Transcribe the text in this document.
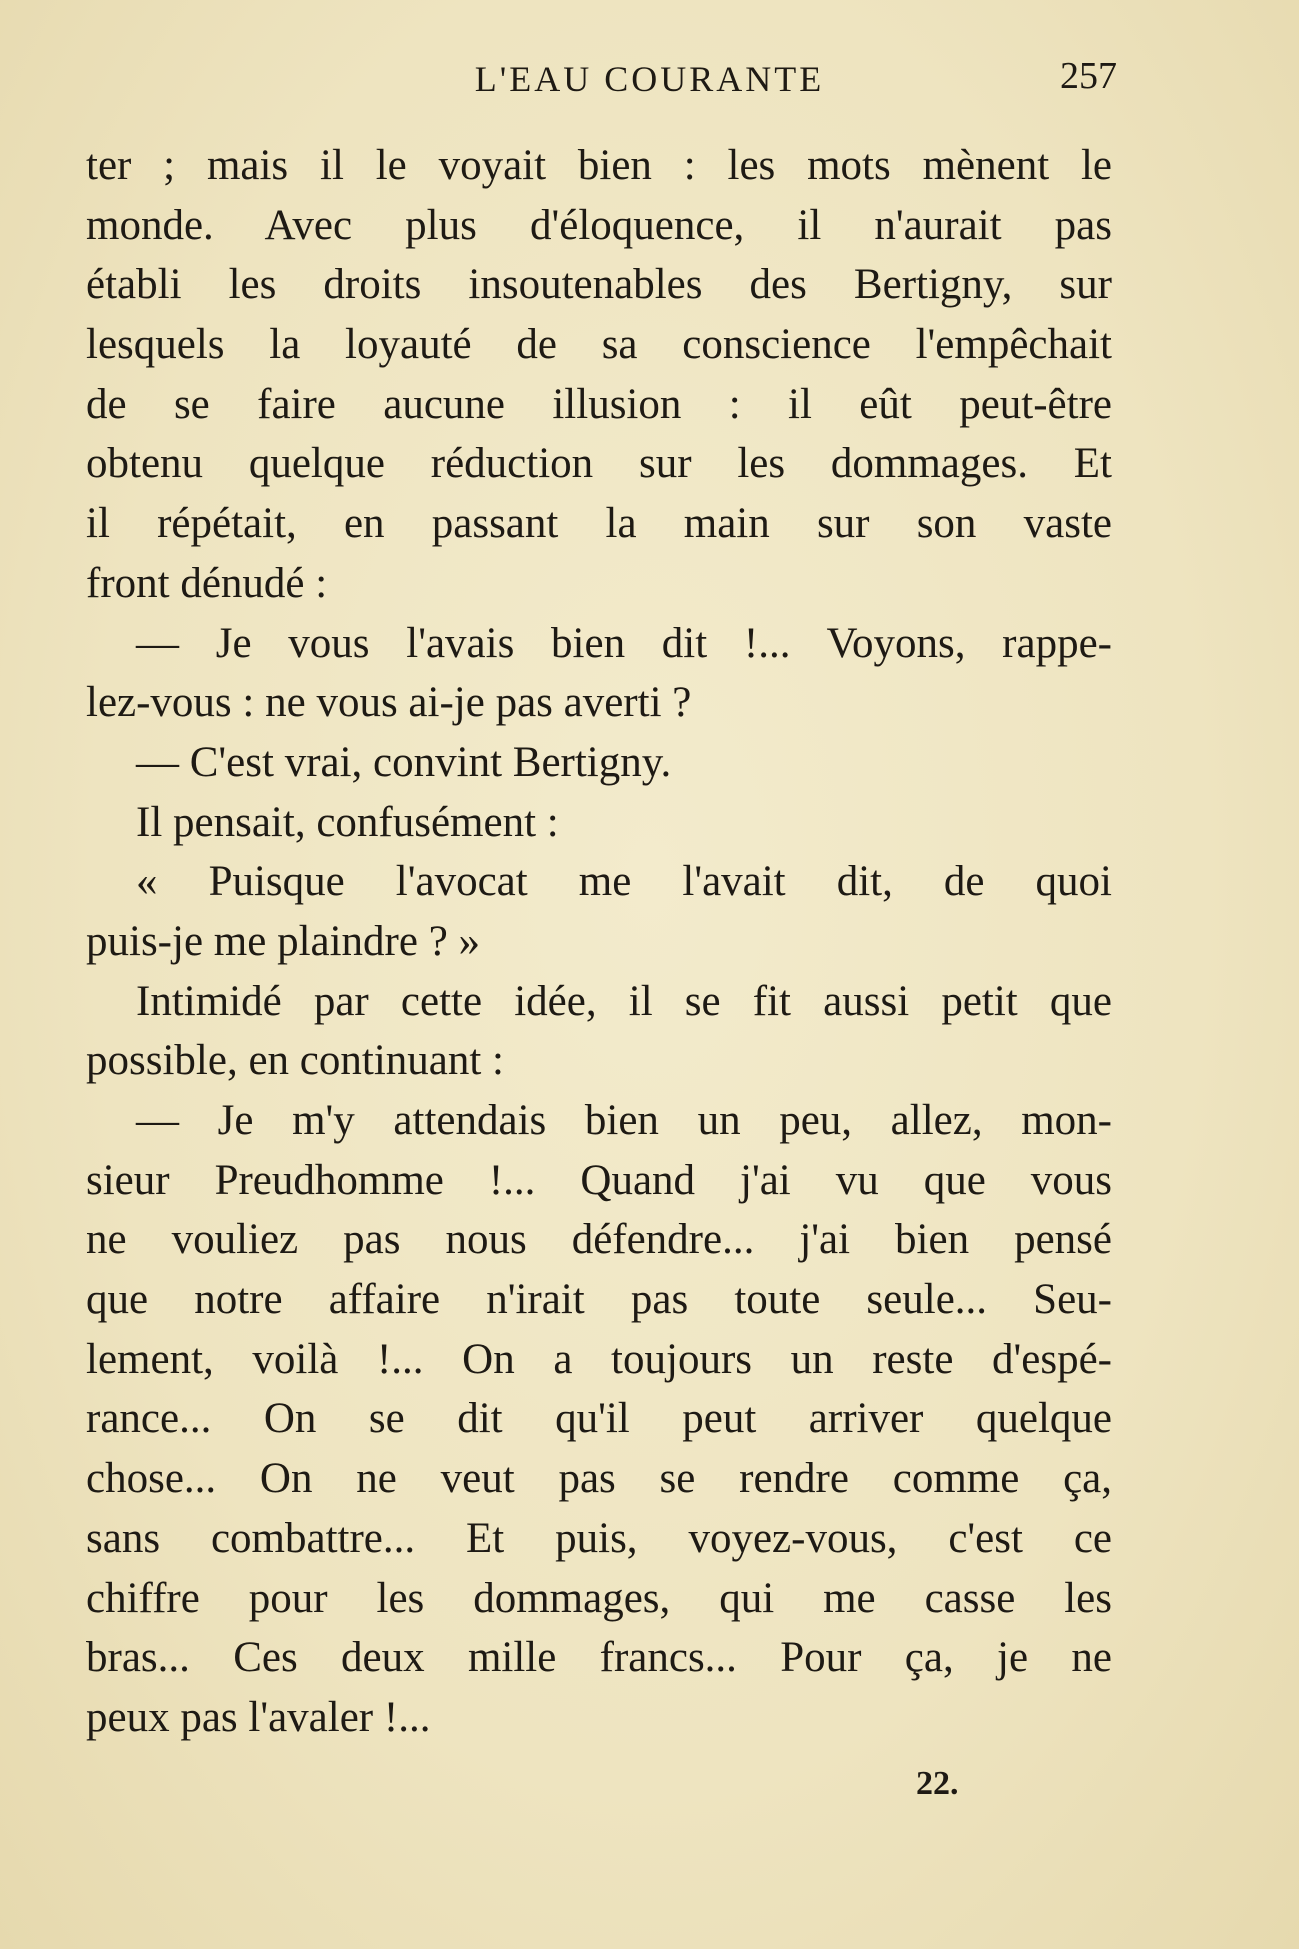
L'EAU COURANTE	257
ter ; mais il le voyait bien : les mots mènent le
monde. Avec plus d'éloquence, il n'aurait pas
établi les droits insoutenables des Bertigny, sur
lesquels la loyauté de sa conscience l'empêchait
de se faire aucune illusion : il eût peut-être
obtenu quelque réduction sur les dommages. Et
il répétait, en passant la main sur son vaste
front dénudé :
— Je vous l'avais bien dit !... Voyons, rappe-
lez-vous : ne vous ai-je pas averti ?
— C'est vrai, convint Bertigny.
Il pensait, confusément :
« Puisque l'avocat me l'avait dit, de quoi
puis-je me plaindre ? »
Intimidé par cette idée, il se fit aussi petit que
possible, en continuant :
— Je m'y attendais bien un peu, allez, mon-
sieur Preudhomme !... Quand j'ai vu que vous
ne vouliez pas nous défendre... j'ai bien pensé
que notre affaire n'irait pas toute seule... Seu-
lement, voilà !... On a toujours un reste d'espé-
rance... On se dit qu'il peut arriver quelque
chose... On ne veut pas se rendre comme ça,
sans combattre... Et puis, voyez-vous, c'est ce
chiffre pour les dommages, qui me casse les
bras... Ces deux mille francs... Pour ça, je ne
peux pas l'avaler !...
22.
